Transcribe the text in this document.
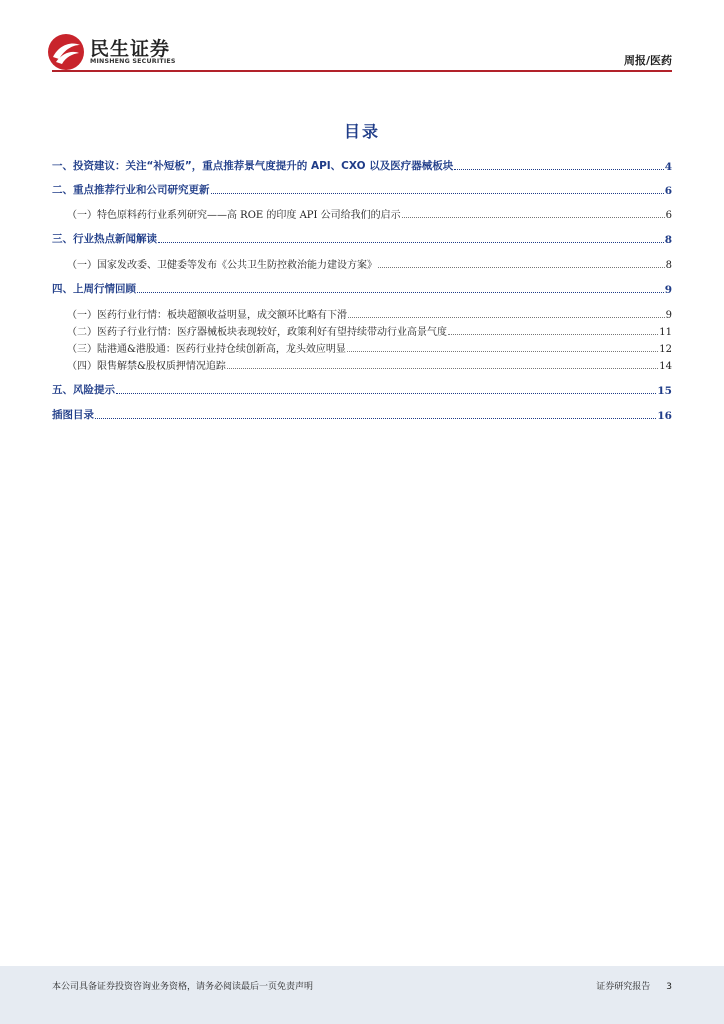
民生证券
MINSHENG SECURITIES	周报/医药
目录
一、投资建议：关注“补短板”，重点推荐景气度提升的 API、CXO 以及医疗器械板块	4
二、重点推荐行业和公司研究更新	6
（一）特色原料药行业系列研究——高 ROE 的印度 API 公司给我们的启示	6
三、行业热点新闻解读	8
（一）国家发改委、卫健委等发布《公共卫生防控救治能力建设方案》	8
四、上周行情回顾	9
（一）医药行业行情：板块超额收益明显，成交额环比略有下滑	9
（二）医药子行业行情：医疗器械板块表现较好，政策利好有望持续带动行业高景气度	11
（三）陆港通&港股通：医药行业持仓续创新高，龙头效应明显	12
（四）限售解禁&股权质押情况追踪	14
五、风险提示	15
插图目录	16
本公司具备证券投资咨询业务资格，请务必阅读最后一页免责声明	证券研究报告 3
